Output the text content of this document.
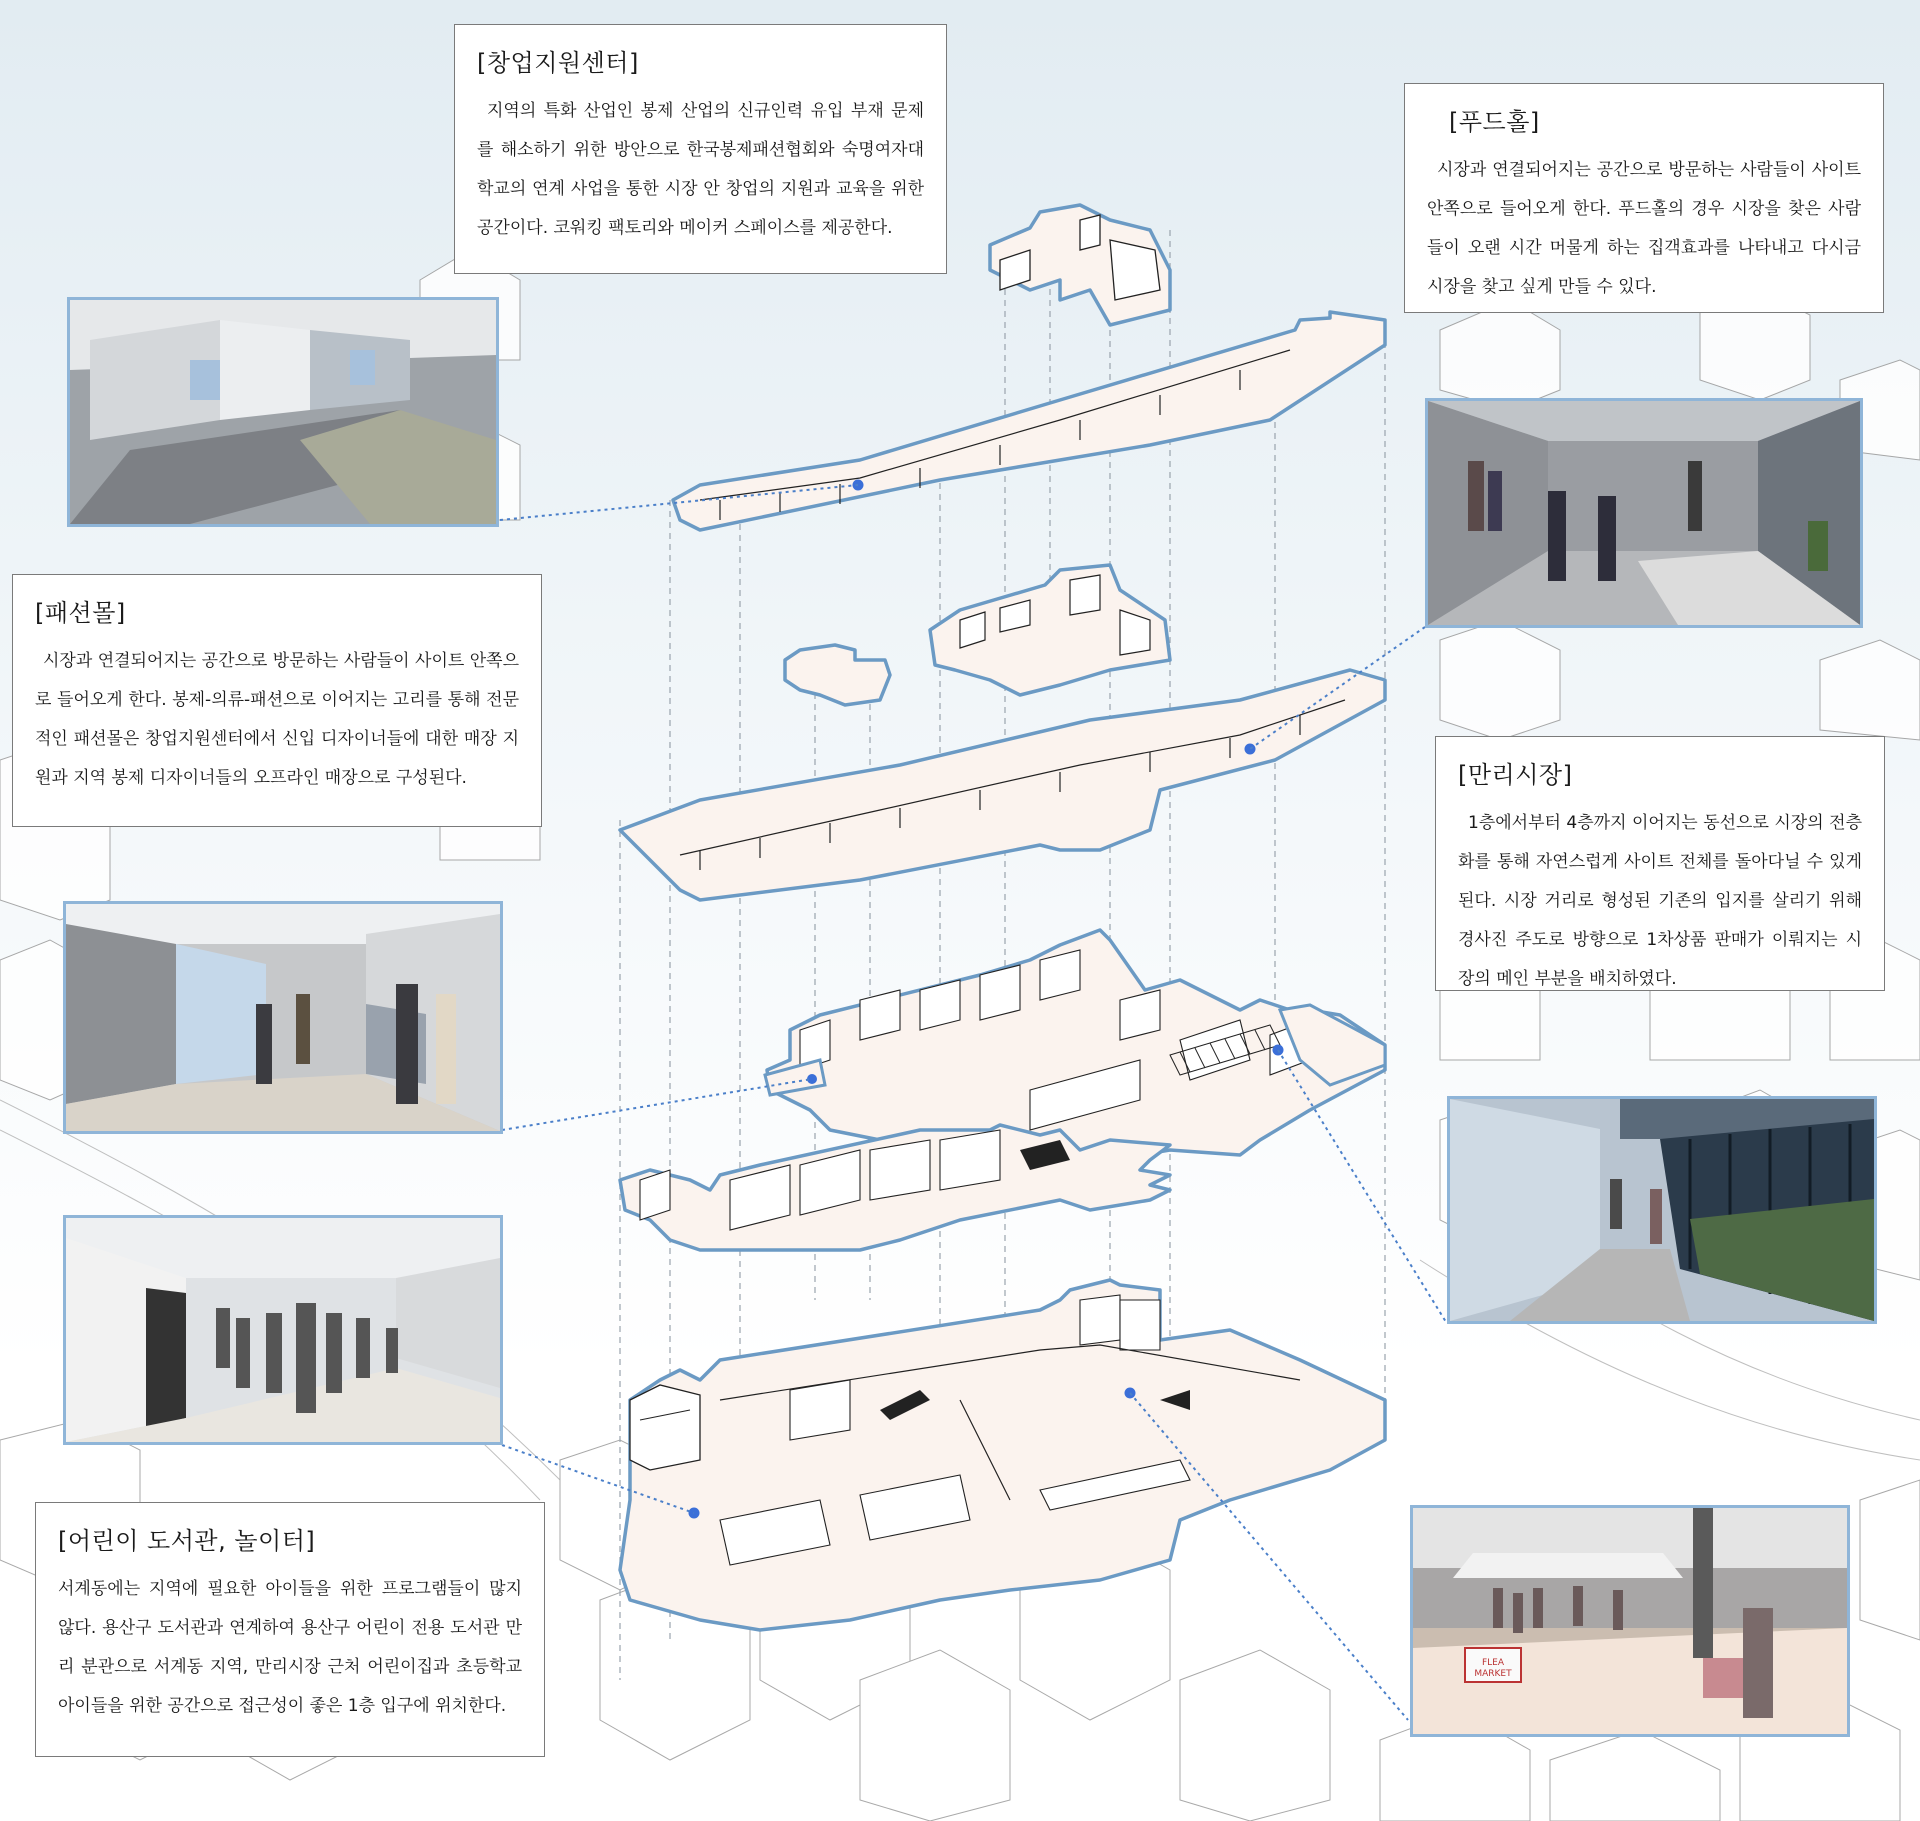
FLEA MARKET
[창업지원센터]
지역의 특화 산업인 봉제 산업의 신규인력 유입 부재 문제를 해소하기 위한 방안으로 한국봉제패션협회와 숙명여자대학교의 연계 사업을 통한 시장 안 창업의 지원과 교육을 위한 공간이다. 코워킹 팩토리와 메이커 스페이스를 제공한다.
[푸드홀]
시장과 연결되어지는 공간으로 방문하는 사람들이 사이트 안쪽으로 들어오게 한다. 푸드홀의 경우 시장을 찾은 사람들이 오랜 시간 머물게 하는 집객효과를 나타내고 다시금 시장을 찾고 싶게 만들 수 있다.
[패션몰]
시장과 연결되어지는 공간으로 방문하는 사람들이 사이트 안쪽으로 들어오게 한다. 봉제-의류-패션으로 이어지는 고리를 통해 전문적인 패션몰은 창업지원센터에서 신입 디자이너들에 대한 매장 지원과 지역 봉제 디자이너들의 오프라인 매장으로 구성된다.	[만리시장]
1층에서부터 4층까지 이어지는 동선으로 시장의 전층화를 통해 자연스럽게 사이트 전체를 돌아다닐 수 있게 된다. 시장 거리로 형성된 기존의 입지를 살리기 위해 경사진 주도로 방향으로 1차상품 판매가 이뤄지는 시장의 메인 부분을 배치하였다.
[어린이 도서관, 놀이터]
서계동에는 지역에 필요한 아이들을 위한 프로그램들이 많지 않다. 용산구 도서관과 연계하여 용산구 어린이 전용 도서관 만리 분관으로 서계동 지역, 만리시장 근처 어린이집과 초등학교 아이들을 위한 공간으로 접근성이 좋은 1층 입구에 위치한다.
